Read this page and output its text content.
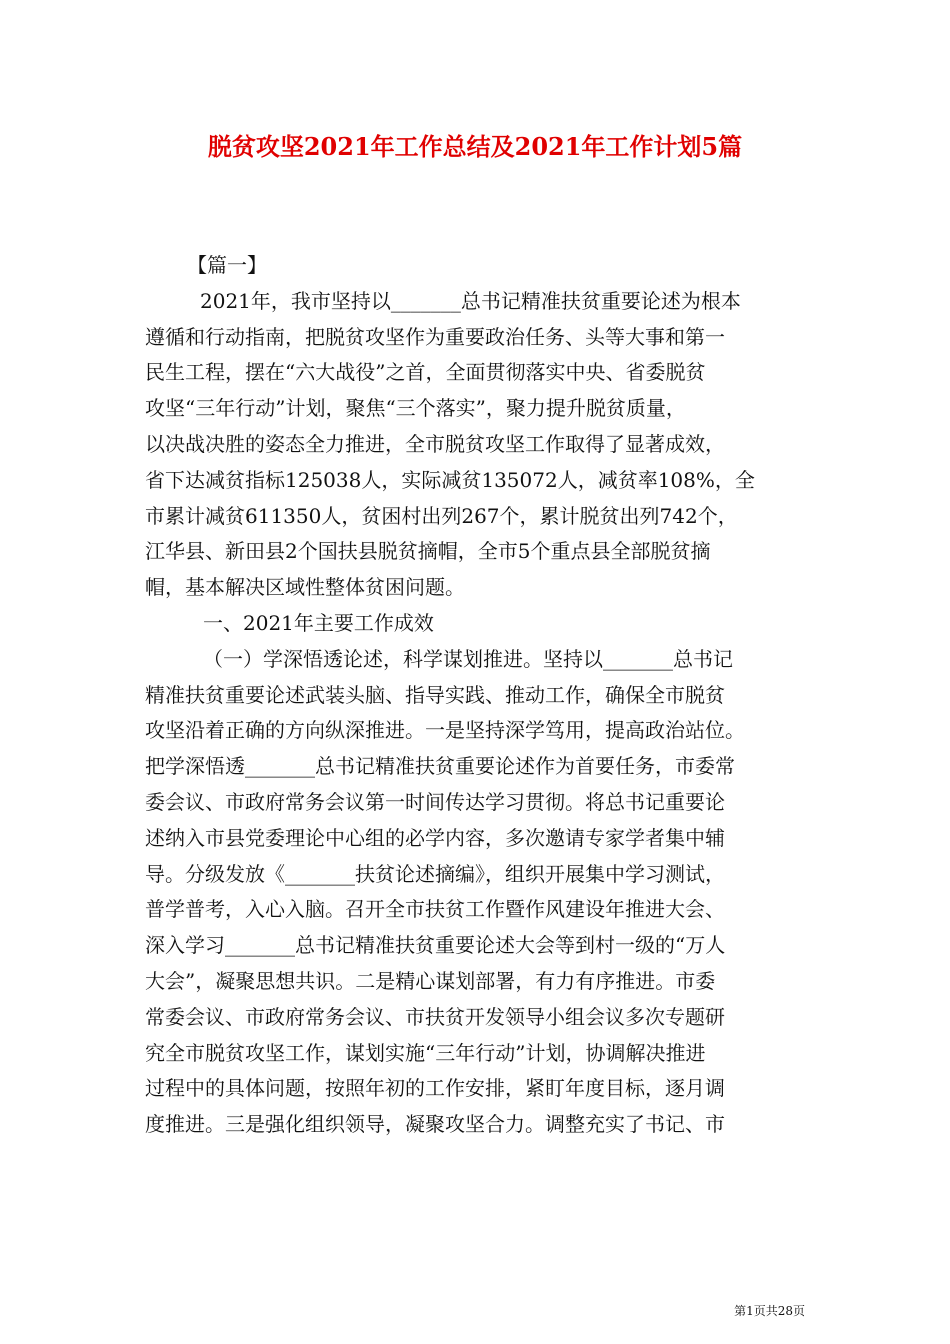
脱贫攻坚2021年工作总结及2021年工作计划5篇
【篇一】
2021年，我市坚持以_______总书记精准扶贫重要论述为根本
遵循和行动指南，把脱贫攻坚作为重要政治任务、头等大事和第一
民生工程，摆在“六大战役”之首，全面贯彻落实中央、省委脱贫
攻坚“三年行动”计划，聚焦“三个落实”，聚力提升脱贫质量，
以决战决胜的姿态全力推进，全市脱贫攻坚工作取得了显著成效，
省下达减贫指标125038人，实际减贫135072人，减贫率108%，全
市累计减贫611350人，贫困村出列267个，累计脱贫出列742个，
江华县、新田县2个国扶县脱贫摘帽，全市5个重点县全部脱贫摘
帽，基本解决区域性整体贫困问题。
一、2021年主要工作成效
（一）学深悟透论述，科学谋划推进。坚持以_______总书记
精准扶贫重要论述武装头脑、指导实践、推动工作，确保全市脱贫
攻坚沿着正确的方向纵深推进。一是坚持深学笃用，提高政治站位。
把学深悟透_______总书记精准扶贫重要论述作为首要任务，市委常
委会议、市政府常务会议第一时间传达学习贯彻。将总书记重要论
述纳入市县党委理论中心组的必学内容，多次邀请专家学者集中辅
导。分级发放《_______扶贫论述摘编》，组织开展集中学习测试，
普学普考，入心入脑。召开全市扶贫工作暨作风建设年推进大会、
深入学习_______总书记精准扶贫重要论述大会等到村一级的“万人
大会”，凝聚思想共识。二是精心谋划部署，有力有序推进。市委
常委会议、市政府常务会议、市扶贫开发领导小组会议多次专题研
究全市脱贫攻坚工作，谋划实施“三年行动”计划，协调解决推进
过程中的具体问题，按照年初的工作安排，紧盯年度目标，逐月调
度推进。三是强化组织领导，凝聚攻坚合力。调整充实了书记、市
第1页共28页
